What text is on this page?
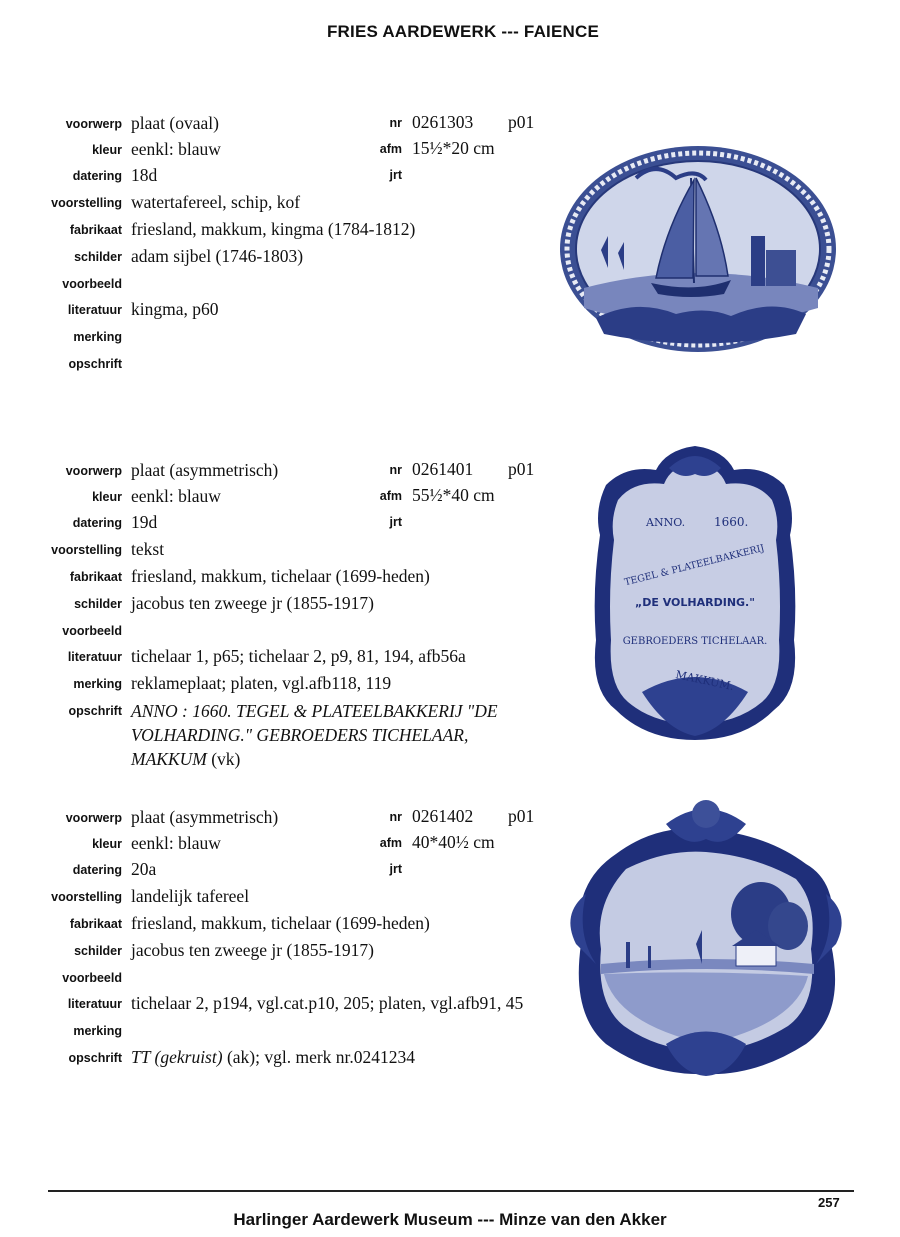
FRIES AARDEWERK --- FAIENCE
voorwerp plaat (ovaal)	nr 0261303 p01
kleur eenkl: blauw	afm 15½*20 cm
datering 18d	jrt
voorstelling watertafereel, schip, kof
fabrikaat friesland, makkum, kingma (1784-1812)
schilder adam sijbel (1746-1803)
voorbeeld
literatuur kingma, p60
merking
opschrift
voorwerp plaat (asymmetrisch)	nr 0261401 p01
kleur eenkl: blauw	afm 55½*40 cm
datering 19d	jrt
voorstelling tekst
fabrikaat friesland, makkum, tichelaar (1699-heden)
schilder jacobus ten zweege jr (1855-1917)
voorbeeld
literatuur tichelaar 1, p65; tichelaar 2, p9, 81, 194, afb56a
merking reklameplaat; platen, vgl.afb118, 119
opschrift ANNO : 1660. TEGEL & PLATEELBAKKERIJ "DE VOLHARDING." GEBROEDERS TICHELAAR, MAKKUM (vk)
ANNO. 1660.
TEGEL & PLATEELBAKKERIJ
„DE VOLHARDING."
GEBROEDERS TICHELAAR.
MAKKUM.
voorwerp plaat (asymmetrisch)	nr 0261402 p01
kleur eenkl: blauw	afm 40*40½ cm
datering 20a	jrt
voorstelling landelijk tafereel
fabrikaat friesland, makkum, tichelaar (1699-heden)
schilder jacobus ten zweege jr (1855-1917)
voorbeeld
literatuur tichelaar 2, p194, vgl.cat.p10, 205; platen, vgl.afb91, 45
merking
opschrift TT (gekruist) (ak); vgl. merk nr.0241234
257
Harlinger Aardewerk Museum --- Minze van den Akker
